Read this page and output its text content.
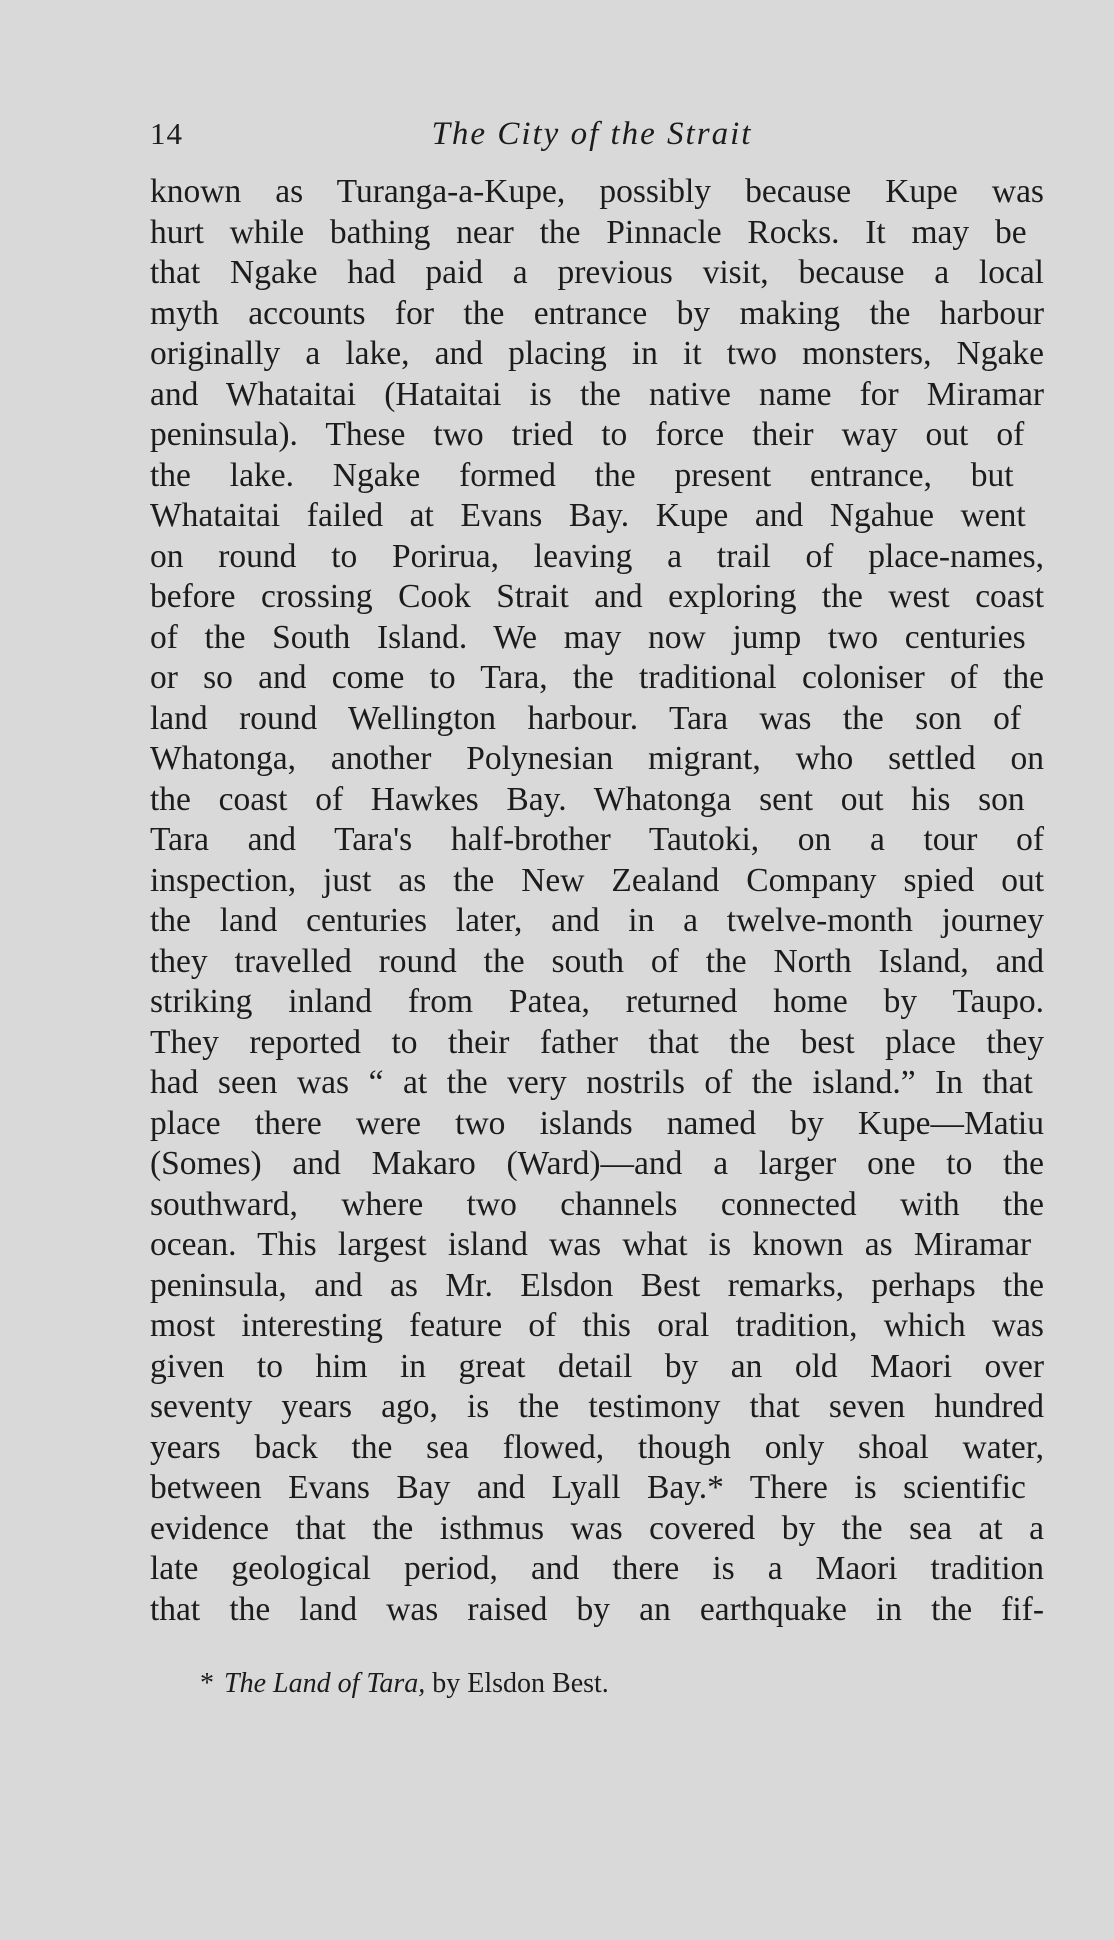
14	The City of the Strait
known as Turanga-a-Kupe, possibly because Kupe was
hurt while bathing near the Pinnacle Rocks. It may be
that Ngake had paid a previous visit, because a local
myth accounts for the entrance by making the harbour
originally a lake, and placing in it two monsters, Ngake
and Whataitai (Hataitai is the native name for Miramar
peninsula). These two tried to force their way out of
the lake. Ngake formed the present entrance, but
Whataitai failed at Evans Bay. Kupe and Ngahue went
on round to Porirua, leaving a trail of place-names,
before crossing Cook Strait and exploring the west coast
of the South Island. We may now jump two centuries
or so and come to Tara, the traditional coloniser of the
land round Wellington harbour. Tara was the son of
Whatonga, another Polynesian migrant, who settled on
the coast of Hawkes Bay. Whatonga sent out his son
Tara and Tara's half-brother Tautoki, on a tour of
inspection, just as the New Zealand Company spied out
the land centuries later, and in a twelve-month journey
they travelled round the south of the North Island, and
striking inland from Patea, returned home by Taupo.
They reported to their father that the best place they
had seen was “ at the very nostrils of the island.” In that
place there were two islands named by Kupe—Matiu
(Somes) and Makaro (Ward)—and a larger one to the
southward, where two channels connected with the
ocean. This largest island was what is known as Miramar
peninsula, and as Mr. Elsdon Best remarks, perhaps the
most interesting feature of this oral tradition, which was
given to him in great detail by an old Maori over
seventy years ago, is the testimony that seven hundred
years back the sea flowed, though only shoal water,
between Evans Bay and Lyall Bay.* There is scientific
evidence that the isthmus was covered by the sea at a
late geological period, and there is a Maori tradition
that the land was raised by an earthquake in the fif-
* The Land of Tara, by Elsdon Best.
